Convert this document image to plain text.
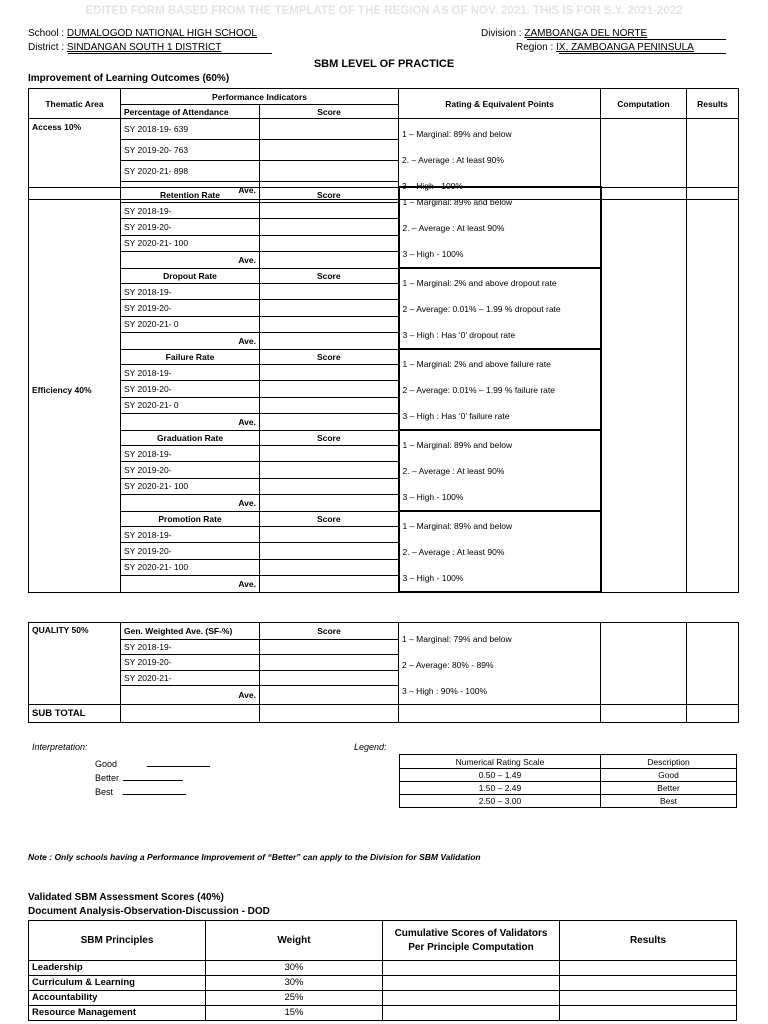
EDITED FORM BASED FROM THE TEMPLATE OF THE REGION AS OF NOV. 2021. THIS IS FOR S.Y. 2021-2022
School : DUMALOGOD NATIONAL HIGH SCHOOL
District : SINDANGAN SOUTH 1 DISTRICT
Division : ZAMBOANGA DEL NORTE
Region : IX, ZAMBOANGA PENINSULA
SBM LEVEL OF PRACTICE
Improvement of Learning Outcomes (60%)
Thematic Area	Performance Indicators		Rating & Equivalent Points	Computation	Results
	Percentage of Attendance	Score			
Access 10%	SY 2018-19- 639		1 – Marginal: 89% and below
2. – Average : At least 90%
3 – High - 100%		

	SY 2019-20- 763				
	SY 2020-21- 898				
	Ave.				
Efficiency 40%	Retention Rate	Score	1 – Marginal: 89% and below
2. – Average : At least 90%
3 – High - 100%		

	SY 2018-19-				
	SY 2019-20-				
	SY 2020-21- 100				
	Ave.				
	Dropout Rate	Score	1 – Marginal: 2% and above dropout rate
2 – Average: 0.01% – 1.99 % dropout rate
3 – High : Has ‘0’ dropout rate		

	SY 2018-19-				
	SY 2019-20-				
	SY 2020-21- 0				
	Ave.				
	Failure Rate	Score	1 – Marginal: 2% and above failure rate
2 – Average: 0.01% – 1.99 % failure rate
3 – High : Has ‘0’ failure rate		

	SY 2018-19-				
	SY 2019-20-				
	SY 2020-21- 0				
	Ave.				
	Graduation Rate	Score	1 – Marginal: 89% and below
2. – Average : At least 90%
3 – High - 100%		

	SY 2018-19-				
	SY 2019-20-				
	SY 2020-21- 100				
	Ave.				
	Promotion Rate	Score	1 – Marginal: 89% and below
2. – Average : At least 90%
3 – High - 100%		

	SY 2018-19-				
	SY 2019-20-				
	SY 2020-21- 100				
	Ave.				
QUALITY 50%	Gen. Weighted Ave. (SF-%)	Score	1 – Marginal: 79% and below
2 – Average: 80% - 89%
3 – High : 90% - 100%		

	SY 2018-19-				
	SY 2019-20-				
	SY 2020-21-				
	Ave.				
SUB TOTAL					
Interpretation:
Good
Better
Best
Legend:
Numerical Rating Scale	Description
0.50 – 1.49	Good
1.50 – 2.49	Better
2.50 – 3.00	Best
Note : Only schools having a Performance Improvement of “Better” can apply to the Division for SBM Validation
Validated SBM Assessment Scores (40%)
Document Analysis-Observation-Discussion - DOD
SBM Principles	Weight	Cumulative Scores of Validators
Per Principle Computation	Results
Leadership	30%		
Curriculum & Learning	30%		
Accountability	25%		
Resource Management	15%		
